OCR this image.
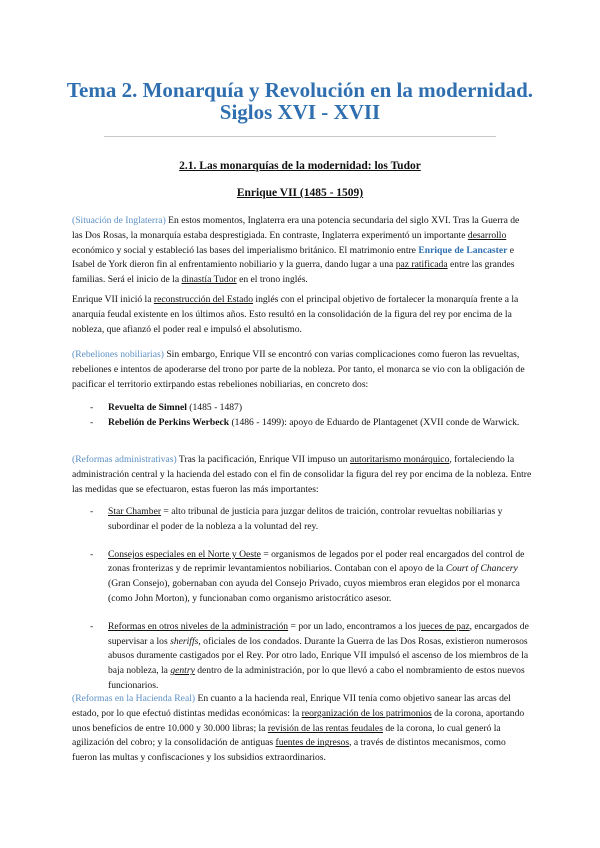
Tema 2. Monarquía y Revolución en la modernidad.
Siglos XVI - XVII
2.1. Las monarquías de la modernidad: los Tudor
Enrique VII (1485 - 1509)

(Situación de Inglaterra) En estos momentos, Inglaterra era una potencia secundaria del siglo XVI. Tras la Guerra de las Dos Rosas, la monarquía estaba desprestigiada. En contraste, Inglaterra experimentó un importante desarrollo económico y social y estableció las bases del imperialismo británico. El matrimonio entre Enrique de Lancaster e Isabel de York dieron fin al enfrentamiento nobiliario y la guerra, dando lugar a una paz ratificada entre las grandes familias. Será el inicio de la dinastía Tudor en el trono inglés.

Enrique VII inició la reconstrucción del Estado inglés con el principal objetivo de fortalecer la monarquía frente a la anarquía feudal existente en los últimos años. Esto resultó en la consolidación de la figura del rey por encima de la nobleza, que afianzó el poder real e impulsó el absolutismo.

(Rebeliones nobiliarias) Sin embargo, Enrique VII se encontró con varias complicaciones como fueron las revueltas, rebeliones e intentos de apoderarse del trono por parte de la nobleza. Por tanto, el monarca se vio con la obligación de pacificar el territorio extirpando estas rebeliones nobiliarias, en concreto dos:

- Revuelta de Simnel (1485 - 1487)
- Rebelión de Perkins Werbeck (1486 - 1499): apoyo de Eduardo de Plantagenet (XVII conde de Warwick.

(Reformas administrativas) Tras la pacificación, Enrique VII impuso un autoritarismo monárquico, fortaleciendo la administración central y la hacienda del estado con el fin de consolidar la figura del rey por encima de la nobleza. Entre las medidas que se efectuaron, estas fueron las más importantes:

- Star Chamber = alto tribunal de justicia para juzgar delitos de traición, controlar revueltas nobiliarias y subordinar el poder de la nobleza a la voluntad del rey.
- Consejos especiales en el Norte y Oeste = organismos de legados por el poder real encargados del control de zonas fronterizas y de reprimir levantamientos nobiliarios. Contaban con el apoyo de la Court of Chancery (Gran Consejo), gobernaban con ayuda del Consejo Privado, cuyos miembros eran elegidos por el monarca (como John Morton), y funcionaban como organismo aristocrático asesor.
- Reformas en otros niveles de la administración = por un lado, encontramos a los jueces de paz, encargados de supervisar a los sheriffs, oficiales de los condados. Durante la Guerra de las Dos Rosas, existieron numerosos abusos duramente castigados por el Rey. Por otro lado, Enrique VII impulsó el ascenso de los miembros de la baja nobleza, la gentry dentro de la administración, por lo que llevó a cabo el nombramiento de estos nuevos funcionarios.

(Reformas en la Hacienda Real) En cuanto a la hacienda real, Enrique VII tenía como objetivo sanear las arcas del estado, por lo que efectuó distintas medidas económicas: la reorganización de los patrimonios de la corona, aportando unos beneficios de entre 10.000 y 30.000 libras; la revisión de las rentas feudales de la corona, lo cual generó la agilización del cobro; y la consolidación de antiguas fuentes de ingresos, a través de distintos mecanismos, como fueron las multas y confiscaciones y los subsidios extraordinarios.
